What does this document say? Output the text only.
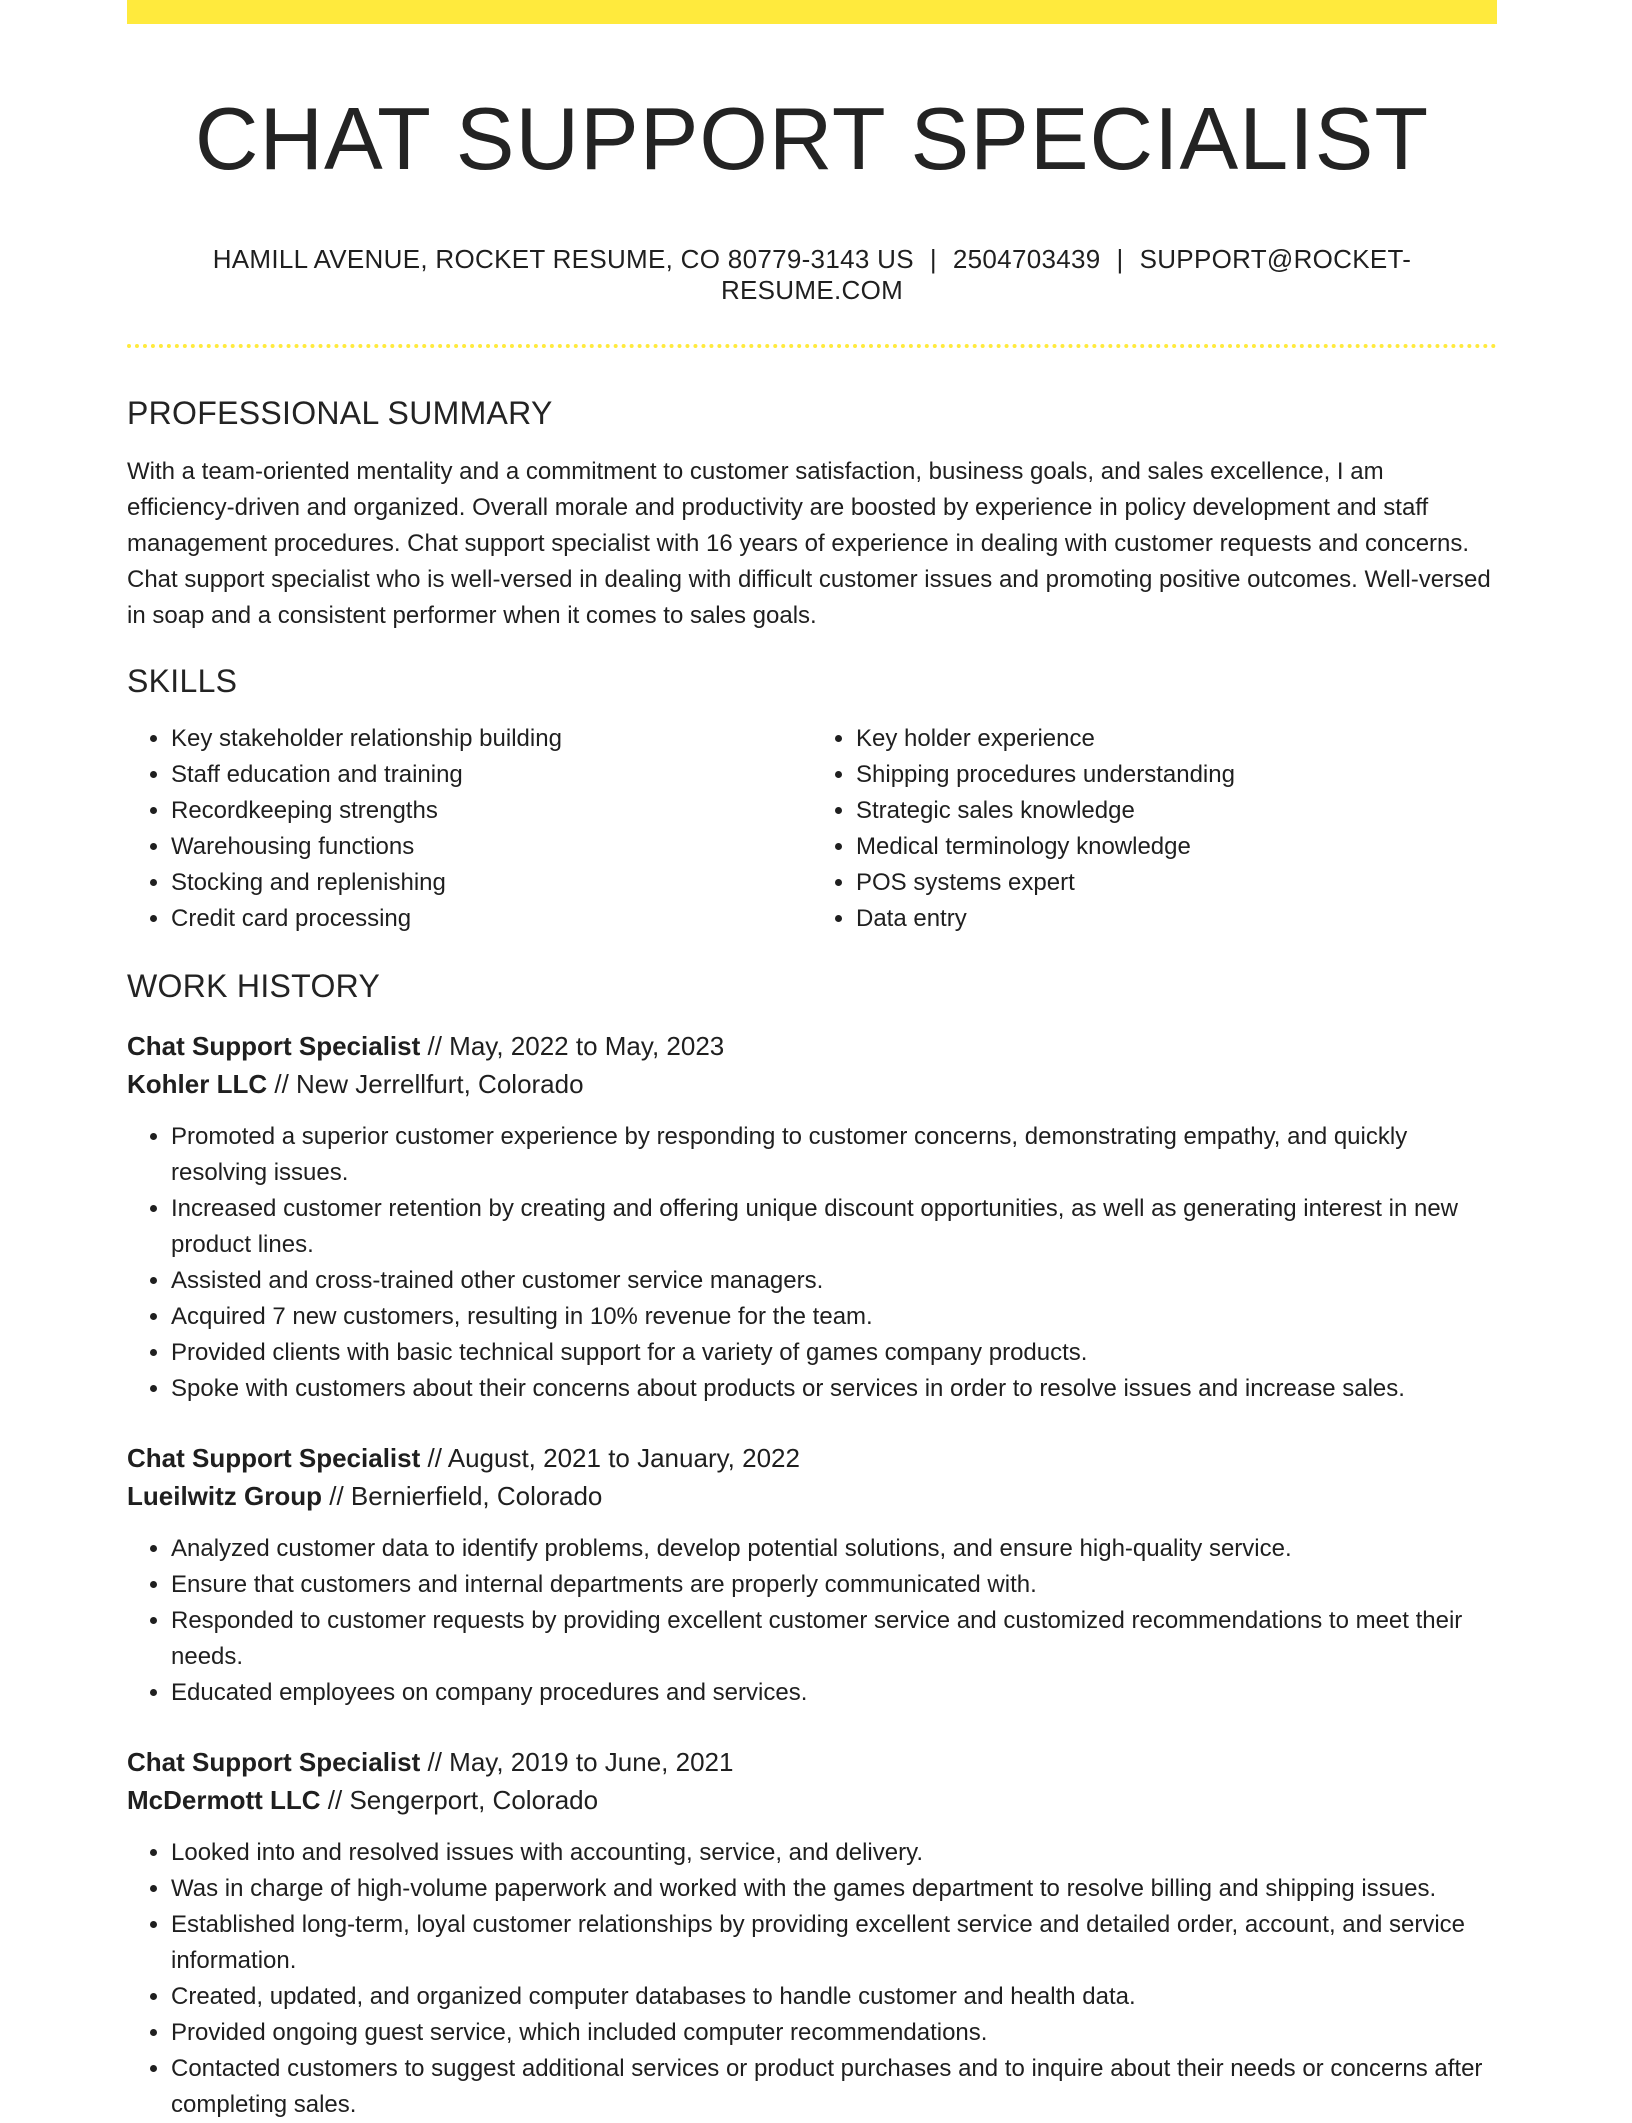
CHAT SUPPORT SPECIALIST
HAMILL AVENUE, ROCKET RESUME, CO 80779-3143 US | 2504703439 | SUPPORT@ROCKET-RESUME.COM
PROFESSIONAL SUMMARY

With a team-oriented mentality and a commitment to customer satisfaction, business goals, and sales excellence, I am efficiency-driven and organized. Overall morale and productivity are boosted by experience in policy development and staff management procedures. Chat support specialist with 16 years of experience in dealing with customer requests and concerns. Chat support specialist who is well-versed in dealing with difficult customer issues and promoting positive outcomes. Well-versed in soap and a consistent performer when it comes to sales goals.

SKILLS
• Key stakeholder relationship building
• Staff education and training
• Recordkeeping strengths
• Warehousing functions
• Stocking and replenishing
• Credit card processing
• Key holder experience
• Shipping procedures understanding
• Strategic sales knowledge
• Medical terminology knowledge
• POS systems expert
• Data entry
WORK HISTORY
Chat Support Specialist // May, 2022 to May, 2023
Kohler LLC // New Jerrellfurt, Colorado
• Promoted a superior customer experience by responding to customer concerns, demonstrating empathy, and quickly resolving issues.
• Increased customer retention by creating and offering unique discount opportunities, as well as generating interest in new product lines.
• Assisted and cross-trained other customer service managers.
• Acquired 7 new customers, resulting in 10% revenue for the team.
• Provided clients with basic technical support for a variety of games company products.
• Spoke with customers about their concerns about products or services in order to resolve issues and increase sales.
Chat Support Specialist // August, 2021 to January, 2022
Lueilwitz Group // Bernierfield, Colorado
• Analyzed customer data to identify problems, develop potential solutions, and ensure high-quality service.
• Ensure that customers and internal departments are properly communicated with.
• Responded to customer requests by providing excellent customer service and customized recommendations to meet their needs.
• Educated employees on company procedures and services.
Chat Support Specialist // May, 2019 to June, 2021
McDermott LLC // Sengerport, Colorado
• Looked into and resolved issues with accounting, service, and delivery.
• Was in charge of high-volume paperwork and worked with the games department to resolve billing and shipping issues.
• Established long-term, loyal customer relationships by providing excellent service and detailed order, account, and service information.
• Created, updated, and organized computer databases to handle customer and health data.
• Provided ongoing guest service, which included computer recommendations.
• Contacted customers to suggest additional services or product purchases and to inquire about their needs or concerns after completing sales.
